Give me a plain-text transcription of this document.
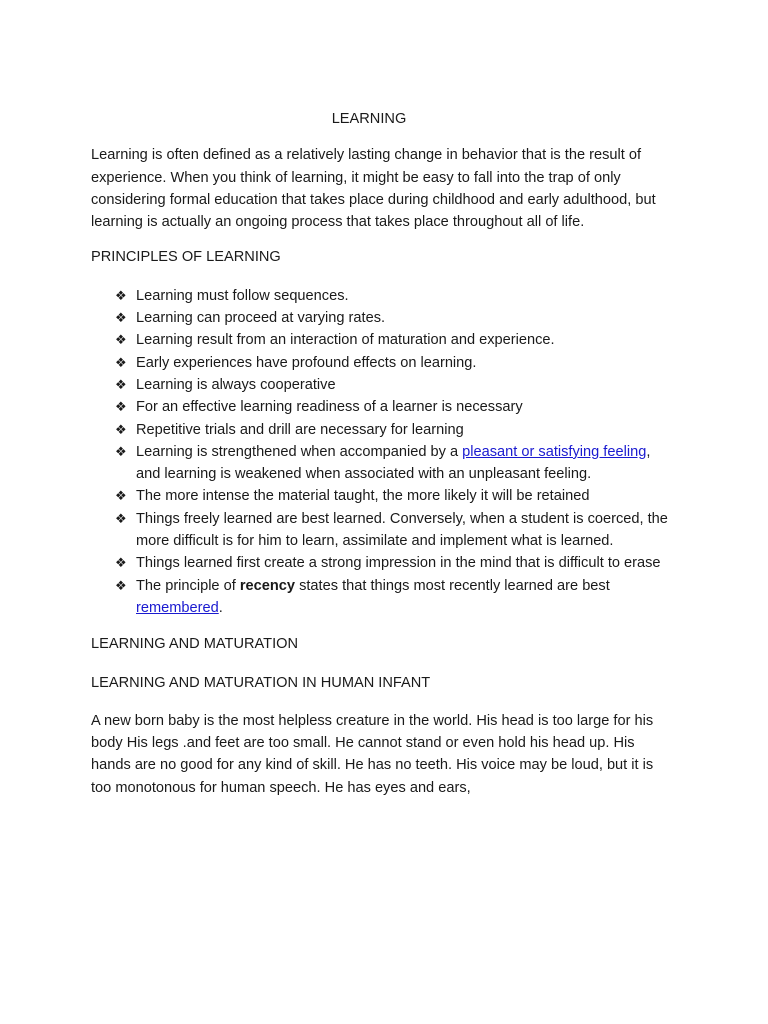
LEARNING

Learning is often defined as a relatively lasting change in behavior that is the result of experience. When you think of learning, it might be easy to fall into the trap of only considering formal education that takes place during childhood and early adulthood, but learning is actually an ongoing process that takes place throughout all of life.

PRINCIPLES OF LEARNING

❖ Learning must follow sequences.
❖ Learning can proceed at varying rates.
❖ Learning result from an interaction of maturation and experience.
❖ Early experiences have profound effects on learning.
❖ Learning is always cooperative
❖ For an effective learning readiness of a learner is necessary
❖ Repetitive trials and drill are necessary for learning
❖ Learning is strengthened when accompanied by a pleasant or satisfying feeling, and learning is weakened when associated with an unpleasant feeling.
❖ The more intense the material taught, the more likely it will be retained
❖ Things freely learned are best learned. Conversely, when a student is coerced, the more difficult is for him to learn, assimilate and implement what is learned.
❖ Things learned first create a strong impression in the mind that is difficult to erase
❖ The principle of recency states that things most recently learned are best remembered.

LEARNING AND MATURATION

LEARNING AND MATURATION IN HUMAN INFANT

A new born baby is the most helpless creature in the world. His head is too large for his body His legs .and feet are too small. He cannot stand or even hold his head up. His hands are no good for any kind of skill. He has no teeth. His voice may be loud, but it is too monotonous for human speech. He has eyes and ears,
